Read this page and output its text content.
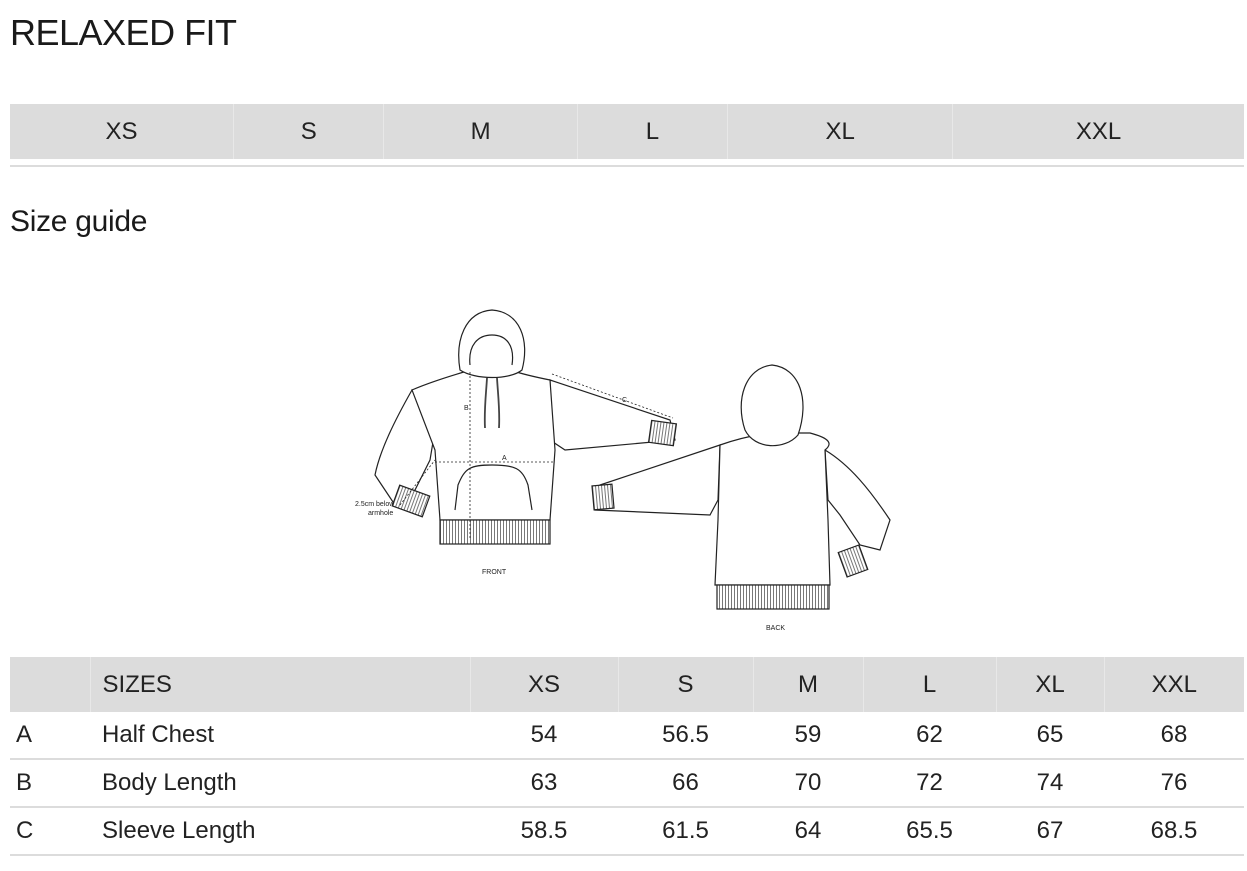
RELAXED FIT
XS	S	M	L	XL	XXL
Size guide
B
A
C
2.5cm below
armhole
FRONT
BACK
	SIZES	XS	S	M	L	XL	XXL
A	Half Chest	54	56.5	59	62	65	68
B	Body Length	63	66	70	72	74	76
C	Sleeve Length	58.5	61.5	64	65.5	67	68.5
